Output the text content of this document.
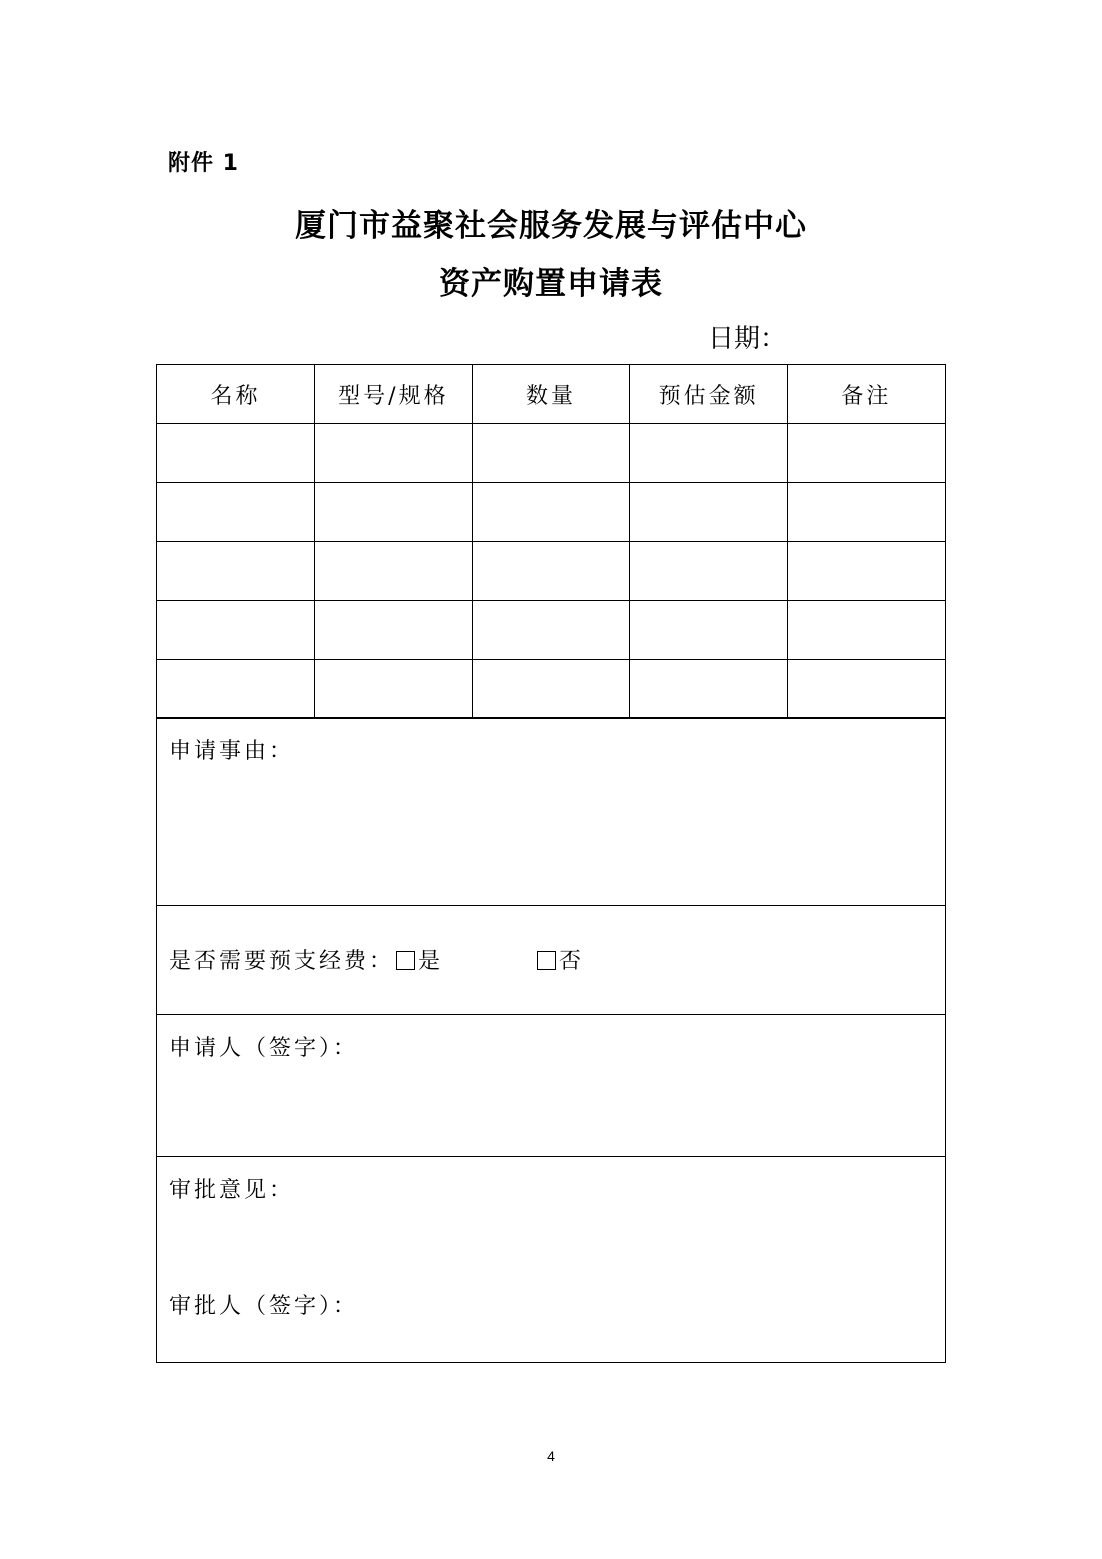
附件 1
厦门市益聚社会服务发展与评估中心
资产购置申请表
日期：
名称	型号/规格	数量	预估金额	备注

申请事由：
是否需要预支经费： 是	否
申请人（签字）：
审批意见：
审批人（签字）：
4
